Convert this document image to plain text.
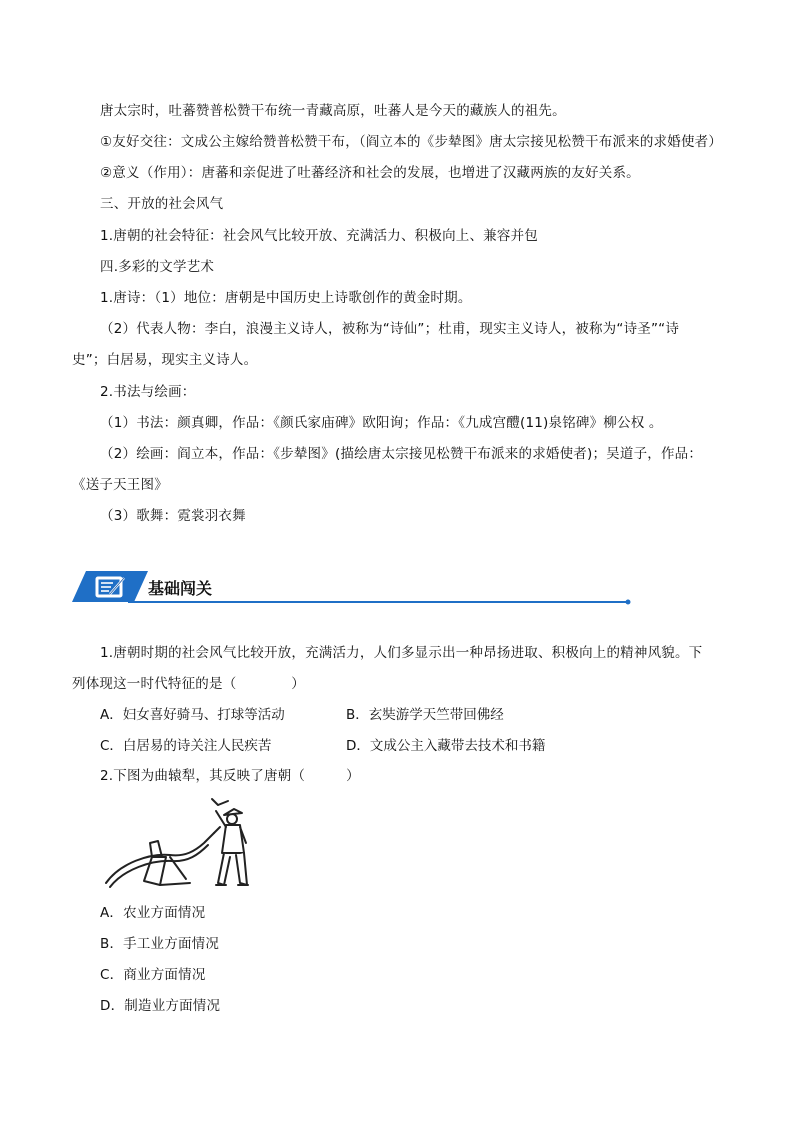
唐太宗时，吐蕃赞普松赞干布统一青藏高原，吐蕃人是今天的藏族人的祖先。
①友好交往：文成公主嫁给赞普松赞干布，（阎立本的《步辇图》唐太宗接见松赞干布派来的求婚使者）
②意义（作用）：唐蕃和亲促进了吐蕃经济和社会的发展，也增进了汉藏两族的友好关系。
三、开放的社会风气
1.唐朝的社会特征：社会风气比较开放、充满活力、积极向上、兼容并包
四.多彩的文学艺术
1.唐诗：（1）地位：唐朝是中国历史上诗歌创作的黄金时期。
（2）代表人物：李白，浪漫主义诗人，被称为“诗仙”；杜甫，现实主义诗人，被称为“诗圣”“诗
史”；白居易，现实主义诗人。
2.书法与绘画：
（1）书法：颜真卿，作品：《颜氏家庙碑》欧阳询；作品：《九成宫醴(11)泉铭碑》柳公权 。
（2）绘画：阎立本，作品：《步辇图》(描绘唐太宗接见松赞干布派来的求婚使者)；吴道子，作品：
《送子天王图》
（3）歌舞：霓裳羽衣舞
基础闯关
1.唐朝时期的社会风气比较开放，充满活力，人们多显示出一种昂扬进取、积极向上的精神风貌。下
列体现这一时代特征的是（　　　　）
A．妇女喜好骑马、打球等活动	B．玄奘游学天竺带回佛经
C．白居易的诗关注人民疾苦	D．文成公主入藏带去技术和书籍
2.下图为曲辕犁，其反映了唐朝（　　　）
A．农业方面情况
B．手工业方面情况
C．商业方面情况
D．制造业方面情况
